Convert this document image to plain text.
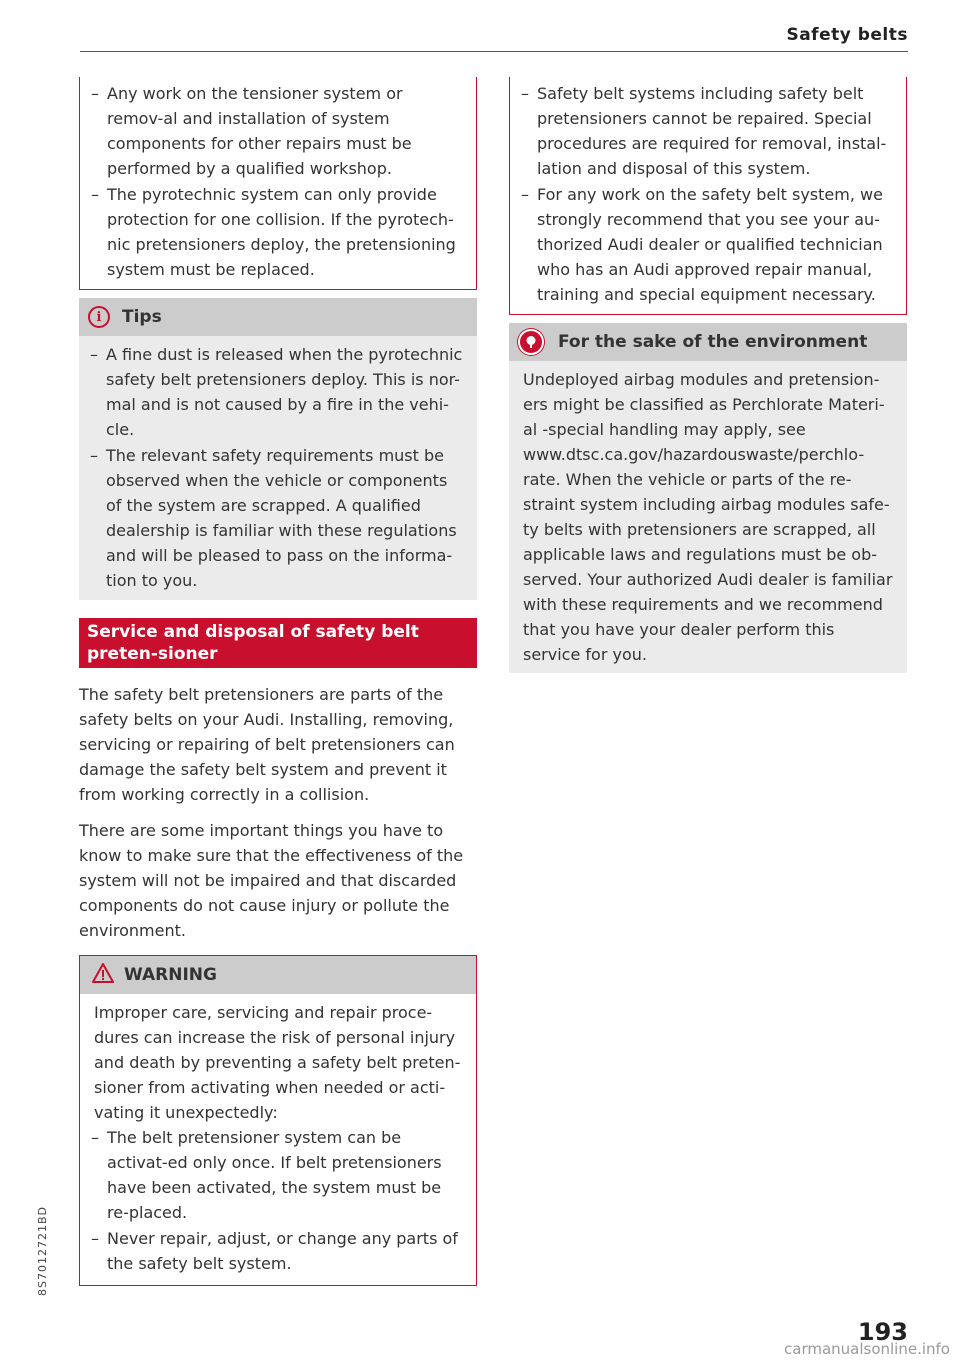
Safety belts
– Any work on the tensioner system or remov-al and installation of system components for other repairs must be performed by a qualified workshop.
– The pyrotechnic system can only provide protection for one collision. If the pyrotech-nic pretensioners deploy, the pretensioning system must be replaced.
i	Tips
– A fine dust is released when the pyrotechnic safety belt pretensioners deploy. This is nor-mal and is not caused by a fire in the vehi-cle.
– The relevant safety requirements must be observed when the vehicle or components of the system are scrapped. A qualified dealership is familiar with these regulations and will be pleased to pass on the informa-tion to you.
Service and disposal of safety belt preten-sioner

The safety belt pretensioners are parts of the safety belts on your Audi. Installing, removing, servicing or repairing of belt pretensioners can damage the safety belt system and prevent it from working correctly in a collision.

There are some important things you have to know to make sure that the effectiveness of the system will not be impaired and that discarded components do not cause injury or pollute the environment.

WARNING

Improper care, servicing and repair proce-dures can increase the risk of personal injury and death by preventing a safety belt preten-sioner from activating when needed or acti-vating it unexpectedly:

– The belt pretensioner system can be activat-ed only once. If belt pretensioners have been activated, the system must be re-placed.
– Never repair, adjust, or change any parts of the safety belt system.
– Safety belt systems including safety belt pretensioners cannot be repaired. Special procedures are required for removal, instal-lation and disposal of this system.
– For any work on the safety belt system, we strongly recommend that you see your au-thorized Audi dealer or qualified technician who has an Audi approved repair manual, training and special equipment necessary.
For the sake of the environment

Undeployed airbag modules and pretension-ers might be classified as Perchlorate Materi-al -special handling may apply, see www.dtsc.ca.gov/hazardouswaste/perchlo-rate. When the vehicle or parts of the re-straint system including airbag modules safe-ty belts with pretensioners are scrapped, all applicable laws and regulations must be ob-served. Your authorized Audi dealer is familiar with these requirements and we recommend that you have your dealer perform this service for you.

8S7012721BD
193
carmanualsonline.info
